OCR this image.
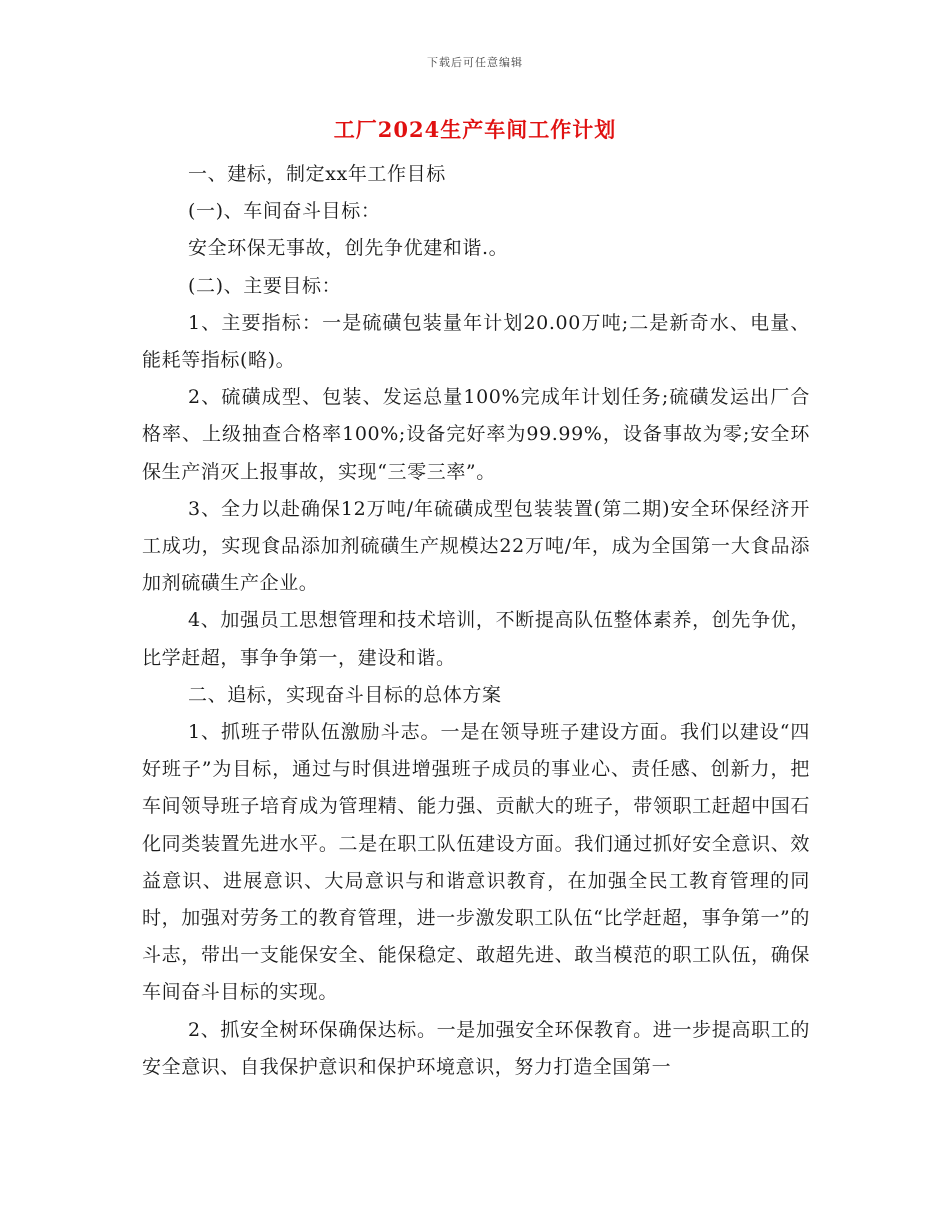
下载后可任意编辑
工厂2024生产车间工作计划

一、建标，制定xx年工作目标

(一)、车间奋斗目标：

安全环保无事故，创先争优建和谐.。

(二)、主要目标：

1、主要指标：一是硫磺包装量年计划20.00万吨;二是新奇水、电量、能耗等指标(略)。

2、硫磺成型、包装、发运总量100%完成年计划任务;硫磺发运出厂合格率、上级抽查合格率100%;设备完好率为99.99%，设备事故为零;安全环保生产消灭上报事故，实现“三零三率”。

3、全力以赴确保12万吨/年硫磺成型包装装置(第二期)安全环保经济开工成功，实现食品添加剂硫磺生产规模达22万吨/年，成为全国第一大食品添加剂硫磺生产企业。

4、加强员工思想管理和技术培训，不断提高队伍整体素养，创先争优，比学赶超，事争争第一，建设和谐。

二、追标，实现奋斗目标的总体方案

1、抓班子带队伍激励斗志。一是在领导班子建设方面。我们以建设“四好班子”为目标，通过与时俱进增强班子成员的事业心、责任感、创新力，把车间领导班子培育成为管理精、能力强、贡献大的班子，带领职工赶超中国石化同类装置先进水平。二是在职工队伍建设方面。我们通过抓好安全意识、效益意识、进展意识、大局意识与和谐意识教育，在加强全民工教育管理的同时，加强对劳务工的教育管理，进一步激发职工队伍“比学赶超，事争第一”的斗志，带出一支能保安全、能保稳定、敢超先进、敢当模范的职工队伍，确保车间奋斗目标的实现。

2、抓安全树环保确保达标。一是加强安全环保教育。进一步提高职工的安全意识、自我保护意识和保护环境意识，努力打造全国第一
